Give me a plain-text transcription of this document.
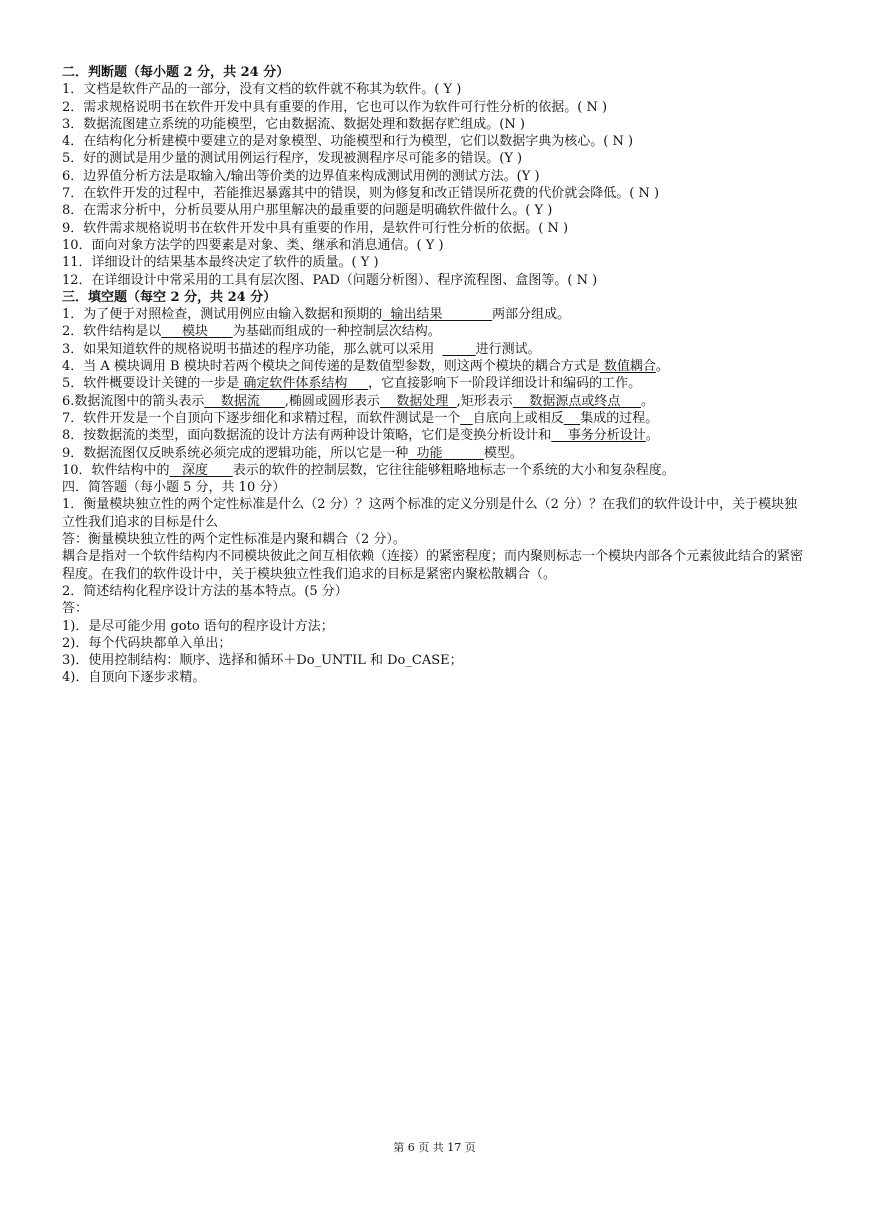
二．判断题（每小题 2 分，共 24 分）
1．文档是软件产品的一部分，没有文档的软件就不称其为软件。( Y )
2．需求规格说明书在软件开发中具有重要的作用，它也可以作为软件可行性分析的依据。( N )
3．数据流图建立系统的功能模型，它由数据流、数据处理和数据存贮组成。(N )
4．在结构化分析建模中要建立的是对象模型、功能模型和行为模型，它们以数据字典为核心。( N )
5．好的测试是用少量的测试用例运行程序，发现被测程序尽可能多的错误。(Y )
6．边界值分析方法是取输入/输出等价类的边界值来构成测试用例的测试方法。(Y )
7．在软件开发的过程中，若能推迟暴露其中的错误，则为修复和改正错误所花费的代价就会降低。( N )
8．在需求分析中，分析员要从用户那里解决的最重要的问题是明确软件做什么。( Y )
9．软件需求规格说明书在软件开发中具有重要的作用，是软件可行性分析的依据。( N )
10．面向对象方法学的四要素是对象、类、继承和消息通信。( Y )
11．详细设计的结果基本最终决定了软件的质量。( Y )
12．在详细设计中常采用的工具有层次图、PAD（问题分析图）、程序流程图、盒图等。( N )
三．填空题（每空 2 分，共 24 分）
1．为了便于对照检查，测试用例应由输入数据和预期的  输出结果            两部分组成。
2．软件结构是以     模块      为基础而组成的一种控制层次结构。
3．如果知道软件的规格说明书描述的程序功能，那么就可以采用	进行测试。
4．当 A 模块调用 B 模块时若两个模块之间传递的是数值型参数，则这两个模块的耦合方式是 数值耦合。
5．软件概要设计关键的一步是 确定软件体系结构     ，它直接影响下一阶段详细设计和编码的工作。
6.数据流图中的箭头表示    数据流      ,椭圆或圆形表示    数据处理  ,矩形表示    数据源点或终点     。
7．软件开发是一个自顶向下逐步细化和求精过程，而软件测试是一个 自底向上或相反 集成的过程。
8．按数据流的类型，面向数据流的设计方法有两种设计策略，它们是变换分析设计和    事务分析设计。
9．数据流图仅反映系统必须完成的逻辑功能，所以它是一种  功能          模型。
10．软件结构中的   深度      表示的软件的控制层数，它往往能够粗略地标志一个系统的大小和复杂程度。
四．简答题（每小题 5 分，共 10 分）
1．衡量模块独立性的两个定性标准是什么（2 分）？这两个标准的定义分别是什么（2 分）？在我们的软件设计中，关于模块独立性我们追求的目标是什么
答：衡量模块独立性的两个定性标准是内聚和耦合（2 分）。
耦合是指对一个软件结构内不同模块彼此之间互相依赖（连接）的紧密程度；而内聚则标志一个模块内部各个元素彼此结合的紧密程度。在我们的软件设计中，关于模块独立性我们追求的目标是紧密内聚松散耦合（。
2．简述结构化程序设计方法的基本特点。(5 分）
答：
1)．是尽可能少用 goto 语句的程序设计方法；
2)．每个代码块都单入单出；
3)．使用控制结构：顺序、选择和循环＋Do_UNTIL 和 Do_CASE；
4)．自顶向下逐步求精。
第 6 页 共 17 页
